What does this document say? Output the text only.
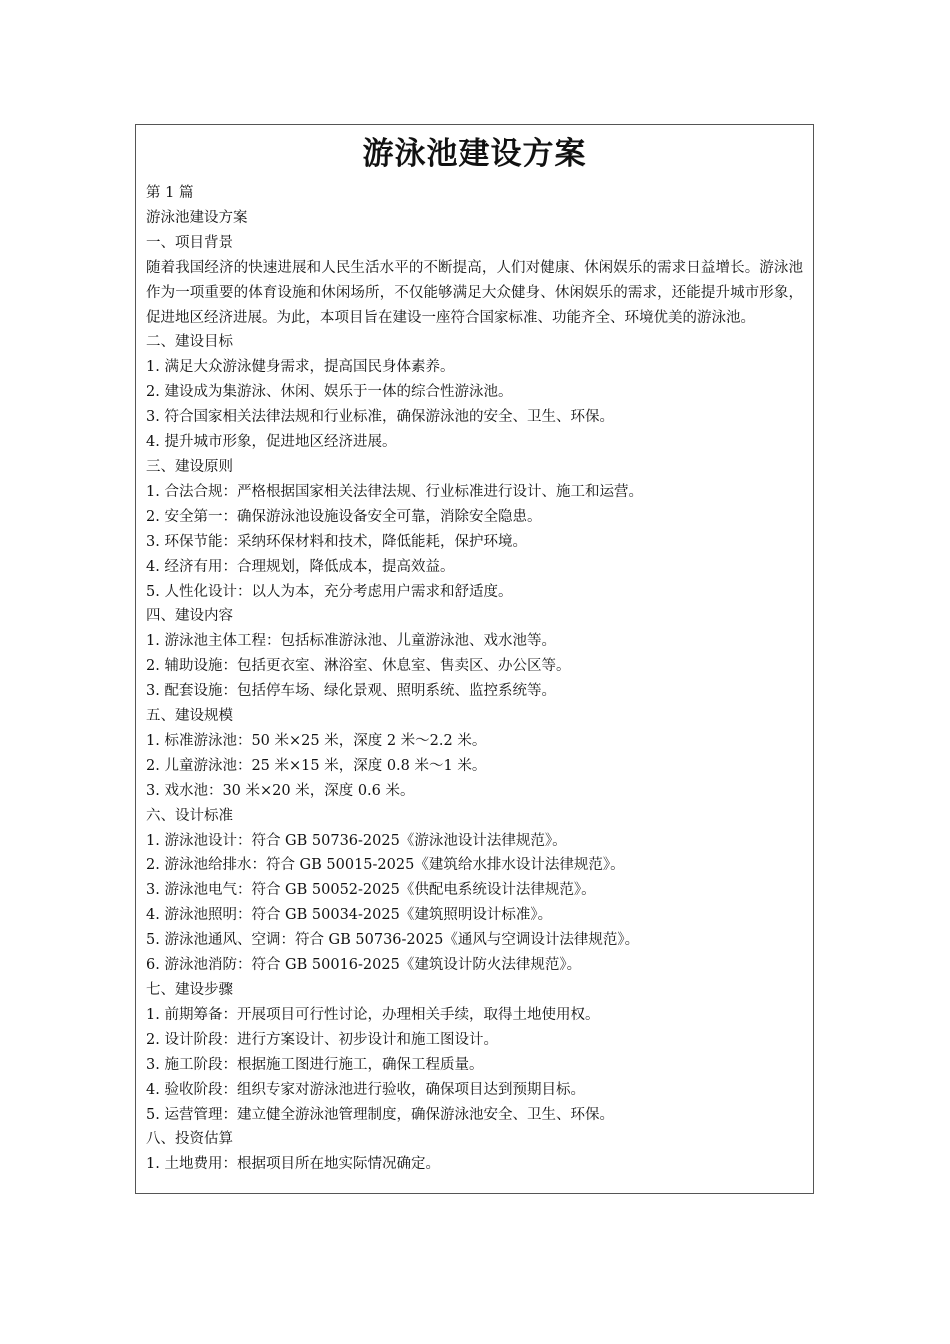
游泳池建设方案
第 1 篇
游泳池建设方案
一、项目背景
随着我国经济的快速进展和人民生活水平的不断提高，人们对健康、休闲娱乐的需求日益增长。游泳池作为一项重要的体育设施和休闲场所，不仅能够满足大众健身、休闲娱乐的需求，还能提升城市形象，促进地区经济进展。为此，本项目旨在建设一座符合国家标准、功能齐全、环境优美的游泳池。
二、建设目标
1. 满足大众游泳健身需求，提高国民身体素养。
2. 建设成为集游泳、休闲、娱乐于一体的综合性游泳池。
3. 符合国家相关法律法规和行业标准，确保游泳池的安全、卫生、环保。
4. 提升城市形象，促进地区经济进展。
三、建设原则
1. 合法合规：严格根据国家相关法律法规、行业标准进行设计、施工和运营。
2. 安全第一：确保游泳池设施设备安全可靠，消除安全隐患。
3. 环保节能：采纳环保材料和技术，降低能耗，保护环境。
4. 经济有用：合理规划，降低成本，提高效益。
5. 人性化设计：以人为本，充分考虑用户需求和舒适度。
四、建设内容
1. 游泳池主体工程：包括标准游泳池、儿童游泳池、戏水池等。
2. 辅助设施：包括更衣室、淋浴室、休息室、售卖区、办公区等。
3. 配套设施：包括停车场、绿化景观、照明系统、监控系统等。
五、建设规模
1. 标准游泳池：50 米×25 米，深度 2 米～2.2 米。
2. 儿童游泳池：25 米×15 米，深度 0.8 米～1 米。
3. 戏水池：30 米×20 米，深度 0.6 米。
六、设计标准
1. 游泳池设计：符合 GB 50736-2025《游泳池设计法律规范》。
2. 游泳池给排水：符合 GB 50015-2025《建筑给水排水设计法律规范》。
3. 游泳池电气：符合 GB 50052-2025《供配电系统设计法律规范》。
4. 游泳池照明：符合 GB 50034-2025《建筑照明设计标准》。
5. 游泳池通风、空调：符合 GB 50736-2025《通风与空调设计法律规范》。
6. 游泳池消防：符合 GB 50016-2025《建筑设计防火法律规范》。
七、建设步骤
1. 前期筹备：开展项目可行性讨论，办理相关手续，取得土地使用权。
2. 设计阶段：进行方案设计、初步设计和施工图设计。
3. 施工阶段：根据施工图进行施工，确保工程质量。
4. 验收阶段：组织专家对游泳池进行验收，确保项目达到预期目标。
5. 运营管理：建立健全游泳池管理制度，确保游泳池安全、卫生、环保。
八、投资估算
1. 土地费用：根据项目所在地实际情况确定。
